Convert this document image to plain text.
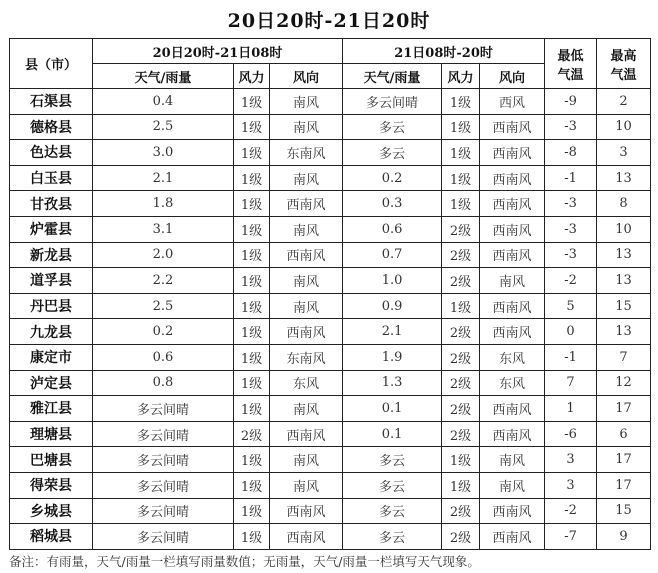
20日20时-21日20时
县（市）	20日20时-21日08时			21日08时-20时			最低气温	最高气温
	天气/雨量	风力	风向	天气/雨量	风力	风向		
石渠县	0.4	1级	南风	多云间晴	1级	西风	-9	2
德格县	2.5	1级	南风	多云	1级	西南风	-3	10
色达县	3.0	1级	东南风	多云	1级	西南风	-8	3
白玉县	2.1	1级	南风	0.2	1级	西南风	-1	13
甘孜县	1.8	1级	西南风	0.3	1级	西南风	-3	8
炉霍县	3.1	1级	南风	0.6	2级	西南风	-3	10
新龙县	2.0	1级	西南风	0.7	2级	西南风	-3	13
道孚县	2.2	1级	南风	1.0	2级	南风	-2	13
丹巴县	2.5	1级	南风	0.9	1级	西南风	5	15
九龙县	0.2	1级	西南风	2.1	2级	西南风	0	13
康定市	0.6	1级	东南风	1.9	2级	东风	-1	7
泸定县	0.8	1级	东风	1.3	2级	东风	7	12
雅江县	多云间晴	1级	南风	0.1	2级	西南风	1	17
理塘县	多云间晴	2级	西南风	0.1	2级	西南风	-6	6
巴塘县	多云间晴	1级	南风	多云	1级	南风	3	17
得荣县	多云间晴	1级	南风	多云	1级	南风	3	17
乡城县	多云间晴	1级	西南风	多云	2级	西南风	-2	15
稻城县	多云间晴	1级	西南风	多云	2级	西南风	-7	9
备注：有雨量，天气/雨量一栏填写雨量数值；无雨量，天气/雨量一栏填写天气现象。
